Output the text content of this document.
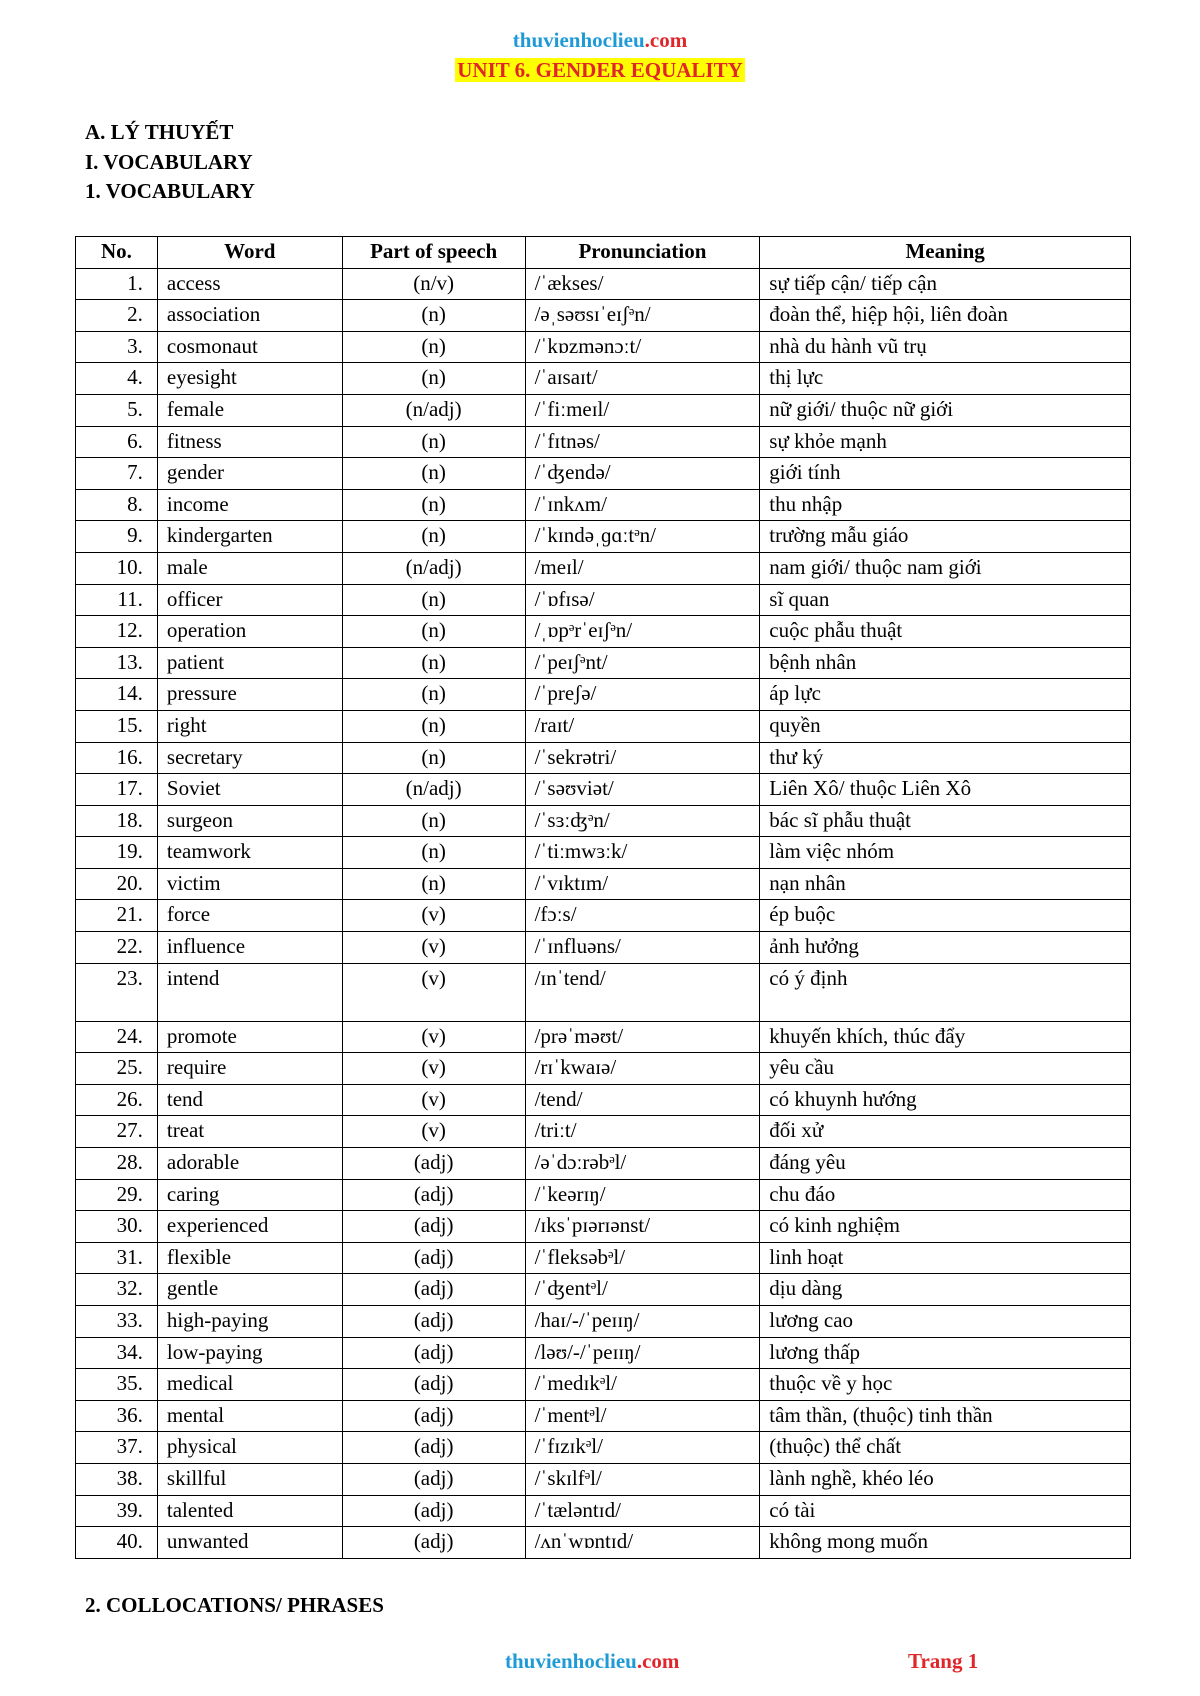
thuvienhoclieu.com
UNIT 6. GENDER EQUALITY
A. LÝ THUYẾT
I. VOCABULARY
1. VOCABULARY
No.	Word	Part of speech	Pronunciation	Meaning
1.	access	(n/v)	/ˈækses/	sự tiếp cận/ tiếp cận
2.	association	(n)	/əˌsəʊsɪˈeɪʃᵊn/	đoàn thể, hiệp hội, liên đoàn
3.	cosmonaut	(n)	/ˈkɒzmənɔːt/	nhà du hành vũ trụ
4.	eyesight	(n)	/ˈaɪsaɪt/	thị lực
5.	female	(n/adj)	/ˈfiːmeɪl/	nữ giới/ thuộc nữ giới
6.	fitness	(n)	/ˈfɪtnəs/	sự khỏe mạnh
7.	gender	(n)	/ˈʤendə/	giới tính
8.	income	(n)	/ˈɪnkʌm/	thu nhập
9.	kindergarten	(n)	/ˈkɪndəˌɡɑːtᵊn/	trường mẫu giáo
10.	male	(n/adj)	/meɪl/	nam giới/ thuộc nam giới
11.	officer	(n)	/ˈɒfɪsə/	sĩ quan
12.	operation	(n)	/ˌɒpᵊrˈeɪʃᵊn/	cuộc phẫu thuật
13.	patient	(n)	/ˈpeɪʃᵊnt/	bệnh nhân
14.	pressure	(n)	/ˈpreʃə/	áp lực
15.	right	(n)	/raɪt/	quyền
16.	secretary	(n)	/ˈsekrətri/	thư ký
17.	Soviet	(n/adj)	/ˈsəʊviət/	Liên Xô/ thuộc Liên Xô
18.	surgeon	(n)	/ˈsɜːʤᵊn/	bác sĩ phẫu thuật
19.	teamwork	(n)	/ˈtiːmwɜːk/	làm việc nhóm
20.	victim	(n)	/ˈvɪktɪm/	nạn nhân
21.	force	(v)	/fɔːs/	ép buộc
22.	influence	(v)	/ˈɪnfluəns/	ảnh hưởng
23.	intend	(v)	/ɪnˈtend/	có ý định
24.	promote	(v)	/prəˈməʊt/	khuyến khích, thúc đẩy
25.	require	(v)	/rɪˈkwaɪə/	yêu cầu
26.	tend	(v)	/tend/	có khuynh hướng
27.	treat	(v)	/triːt/	đối xử
28.	adorable	(adj)	/əˈdɔːrəbᵊl/	đáng yêu
29.	caring	(adj)	/ˈkeərɪŋ/	chu đáo
30.	experienced	(adj)	/ɪksˈpɪərɪənst/	có kinh nghiệm
31.	flexible	(adj)	/ˈfleksəbᵊl/	linh hoạt
32.	gentle	(adj)	/ˈʤentᵊl/	dịu dàng
33.	high-paying	(adj)	/haɪ/-/ˈpeɪɪŋ/	lương cao
34.	low-paying	(adj)	/ləʊ/-/ˈpeɪɪŋ/	lương thấp
35.	medical	(adj)	/ˈmedɪkᵊl/	thuộc về y học
36.	mental	(adj)	/ˈmentᵊl/	tâm thần, (thuộc) tinh thần
37.	physical	(adj)	/ˈfɪzɪkᵊl/	(thuộc) thể chất
38.	skillful	(adj)	/ˈskɪlfᵊl/	lành nghề, khéo léo
39.	talented	(adj)	/ˈtæləntɪd/	có tài
40.	unwanted	(adj)	/ʌnˈwɒntɪd/	không mong muốn
2. COLLOCATIONS/ PHRASES
thuvienhoclieu.com	Trang 1
